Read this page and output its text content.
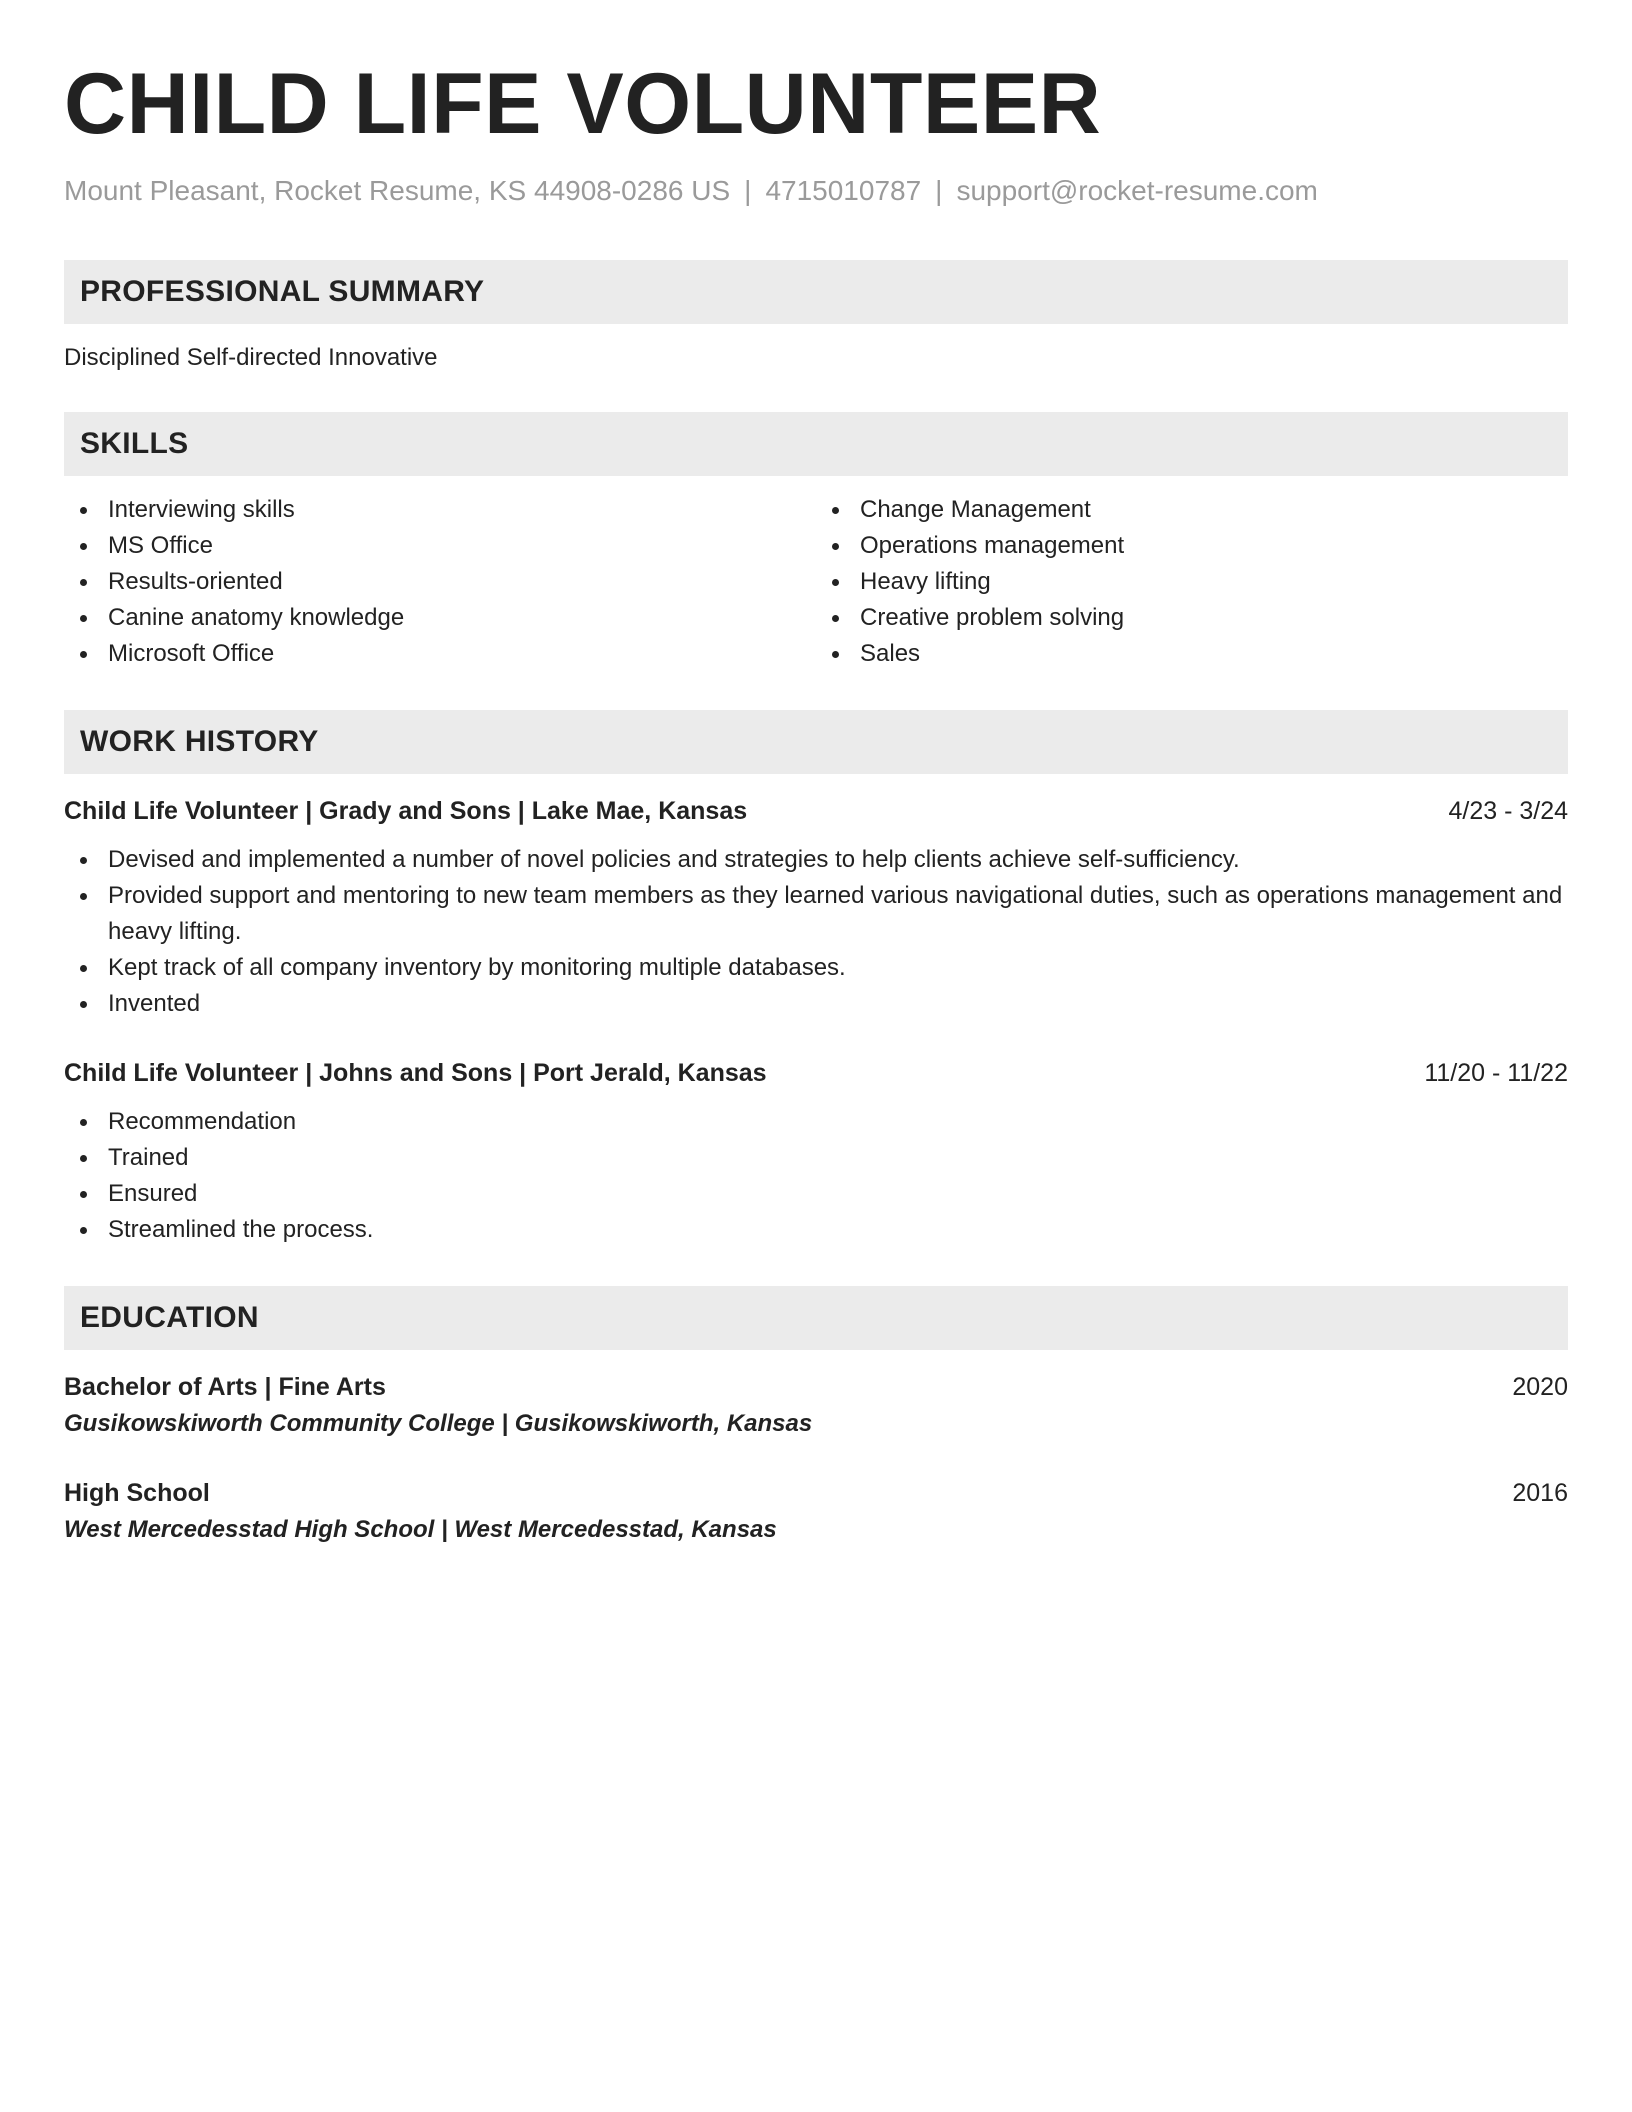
CHILD LIFE VOLUNTEER
Mount Pleasant, Rocket Resume, KS 44908-0286 US | 4715010787 | support@rocket-resume.com
PROFESSIONAL SUMMARY
Disciplined Self-directed Innovative
SKILLS
Interviewing skills
MS Office
Results-oriented
Canine anatomy knowledge
Microsoft Office
Change Management
Operations management
Heavy lifting
Creative problem solving
Sales
WORK HISTORY
Child Life Volunteer | Grady and Sons | Lake Mae, Kansas	4/23 - 3/24
Devised and implemented a number of novel policies and strategies to help clients achieve self-sufficiency.
Provided support and mentoring to new team members as they learned various navigational duties, such as operations management and heavy lifting.
Kept track of all company inventory by monitoring multiple databases.
Invented
Child Life Volunteer | Johns and Sons | Port Jerald, Kansas	11/20 - 11/22
Recommendation
Trained
Ensured
Streamlined the process.
EDUCATION
Bachelor of Arts | Fine Arts	2020
Gusikowskiworth Community College | Gusikowskiworth, Kansas
High School	2016
West Mercedesstad High School | West Mercedesstad, Kansas
